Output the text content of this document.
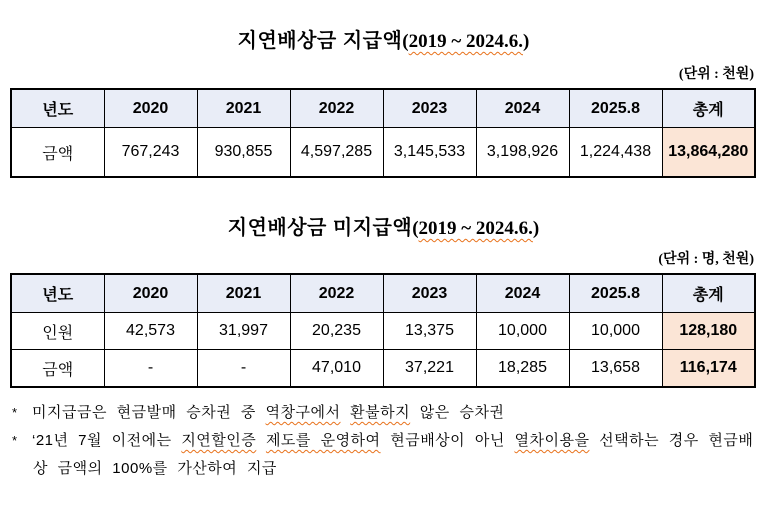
지연배상금 지급액(2019 ~ 2024.6.)
(단위 : 천원)
년도	2020	2021	2022	2023	2024	2025.8	총계
금액	767,243	930,855	4,597,285	3,145,533	3,198,926	1,224,438	13,864,280
지연배상금 미지급액(2019 ~ 2024.6.)
(단위 : 명, 천원)
년도	2020	2021	2022	2023	2024	2025.8	총계
인원	42,573	31,997	20,235	13,375	10,000	10,000	128,180
금액	-	-	47,010	37,221	18,285	13,658	116,174

* 미지급금은 현금발매 승차권 중 역창구에서 환불하지 않은 승차권

* ‘21년 7월 이전에는 지연할인증 제도를 운영하여 현금배상이 아닌 열차이용을 선택하는 경우 현금배상 금액의 100%를 가산하여 지급
